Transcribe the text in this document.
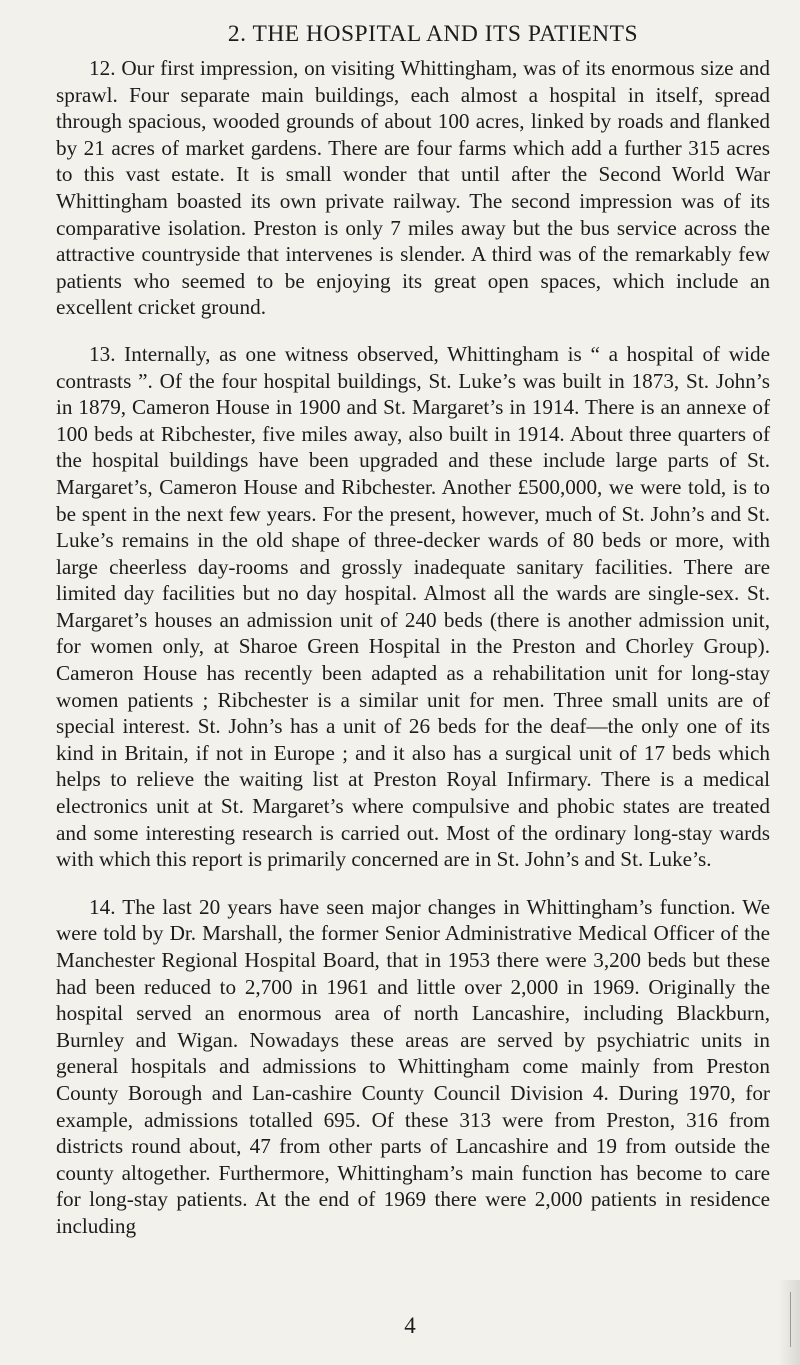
2. THE HOSPITAL AND ITS PATIENTS

12. Our first impression, on visiting Whittingham, was of its enormous size and sprawl. Four separate main buildings, each almost a hospital in itself, spread through spacious, wooded grounds of about 100 acres, linked by roads and flanked by 21 acres of market gardens. There are four farms which add a further 315 acres to this vast estate. It is small wonder that until after the Second World War Whittingham boasted its own private railway. The second impression was of its comparative isolation. Preston is only 7 miles away but the bus service across the attractive countryside that intervenes is slender. A third was of the remarkably few patients who seemed to be enjoying its great open spaces, which include an excellent cricket ground.

13. Internally, as one witness observed, Whittingham is “ a hospital of wide contrasts ”. Of the four hospital buildings, St. Luke’s was built in 1873, St. John’s in 1879, Cameron House in 1900 and St. Margaret’s in 1914. There is an annexe of 100 beds at Ribchester, five miles away, also built in 1914. About three quarters of the hospital buildings have been upgraded and these include large parts of St. Margaret’s, Cameron House and Ribchester. Another £500,000, we were told, is to be spent in the next few years. For the present, however, much of St. John’s and St. Luke’s remains in the old shape of three-decker wards of 80 beds or more, with large cheerless day-rooms and grossly inadequate sanitary facilities. There are limited day facilities but no day hospital. Almost all the wards are single-sex. St. Margaret’s houses an admission unit of 240 beds (there is another admission unit, for women only, at Sharoe Green Hospital in the Preston and Chorley Group). Cameron House has recently been adapted as a rehabilitation unit for long-stay women patients ; Ribchester is a similar unit for men. Three small units are of special interest. St. John’s has a unit of 26 beds for the deaf—the only one of its kind in Britain, if not in Europe ; and it also has a surgical unit of 17 beds which helps to relieve the waiting list at Preston Royal Infirmary. There is a medical electronics unit at St. Margaret’s where compulsive and phobic states are treated and some interesting research is carried out. Most of the ordinary long-stay wards with which this report is primarily concerned are in St. John’s and St. Luke’s.

14. The last 20 years have seen major changes in Whittingham’s function. We were told by Dr. Marshall, the former Senior Administrative Medical Officer of the Manchester Regional Hospital Board, that in 1953 there were 3,200 beds but these had been reduced to 2,700 in 1961 and little over 2,000 in 1969. Originally the hospital served an enormous area of north Lancashire, including Blackburn, Burnley and Wigan. Nowadays these areas are served by psychiatric units in general hospitals and admissions to Whittingham come mainly from Preston County Borough and Lan-cashire County Council Division 4. During 1970, for example, admissions totalled 695. Of these 313 were from Preston, 316 from districts round about, 47 from other parts of Lancashire and 19 from outside the county altogether. Furthermore, Whittingham’s main function has become to care for long-stay patients. At the end of 1969 there were 2,000 patients in residence including

4
